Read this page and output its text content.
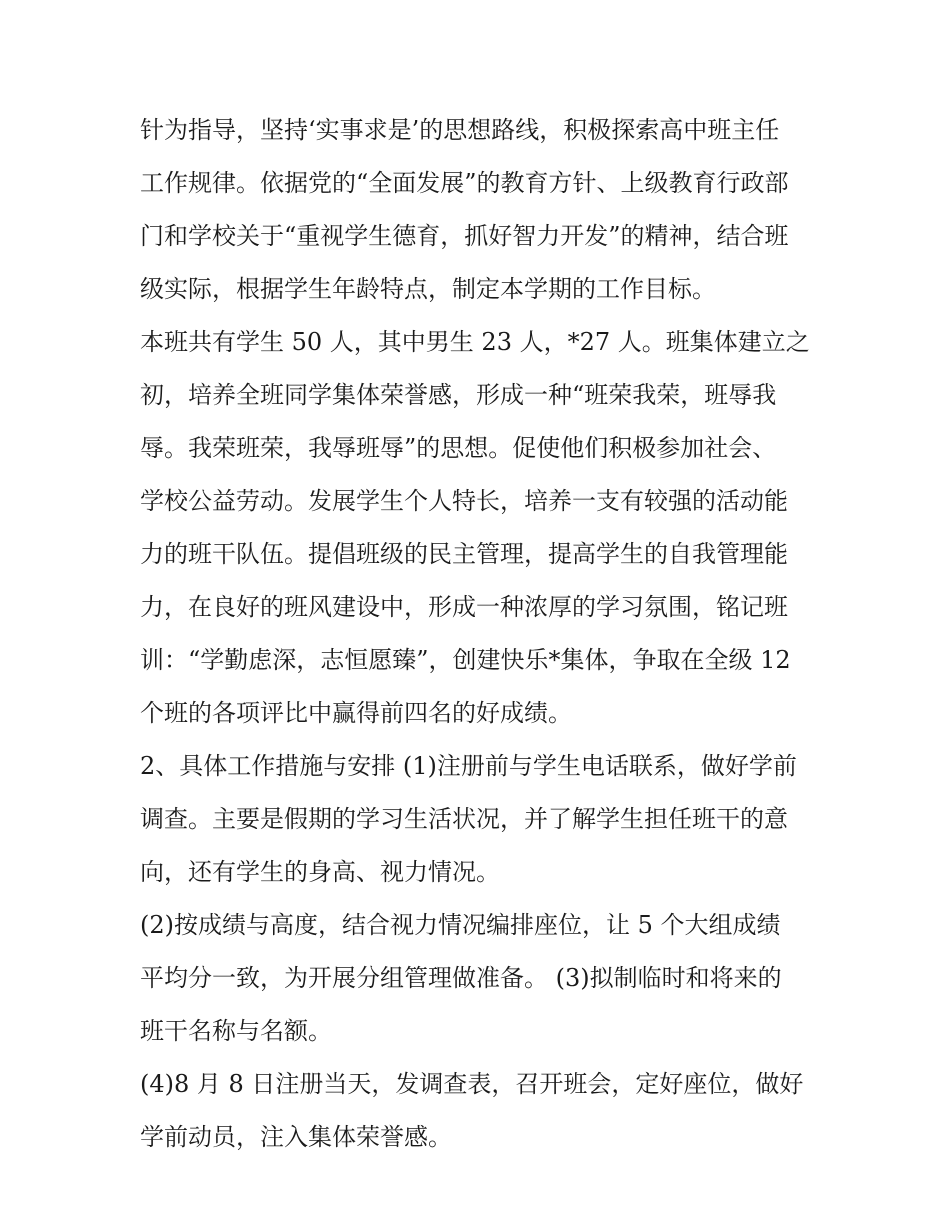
针为指导，坚持‘实事求是’的思想路线，积极探索高中班主任
工作规律。依据党的“全面发展”的教育方针、上级教育行政部
门和学校关于“重视学生德育，抓好智力开发”的精神，结合班
级实际，根据学生年龄特点，制定本学期的工作目标。
本班共有学生 50 人，其中男生 23 人，*27 人。班集体建立之
初，培养全班同学集体荣誉感，形成一种“班荣我荣，班辱我
辱。我荣班荣，我辱班辱”的思想。促使他们积极参加社会、
学校公益劳动。发展学生个人特长，培养一支有较强的活动能
力的班干队伍。提倡班级的民主管理，提高学生的自我管理能
力，在良好的班风建设中，形成一种浓厚的学习氛围，铭记班
训：“学勤虑深，志恒愿臻”，创建快乐*集体，争取在全级 12
个班的各项评比中赢得前四名的好成绩。
2、具体工作措施与安排 (1)注册前与学生电话联系，做好学前
调查。主要是假期的学习生活状况，并了解学生担任班干的意
向，还有学生的身高、视力情况。
(2)按成绩与高度，结合视力情况编排座位，让 5 个大组成绩
平均分一致，为开展分组管理做准备。 (3)拟制临时和将来的
班干名称与名额。
(4)8 月 8 日注册当天，发调查表，召开班会，定好座位，做好
学前动员，注入集体荣誉感。
